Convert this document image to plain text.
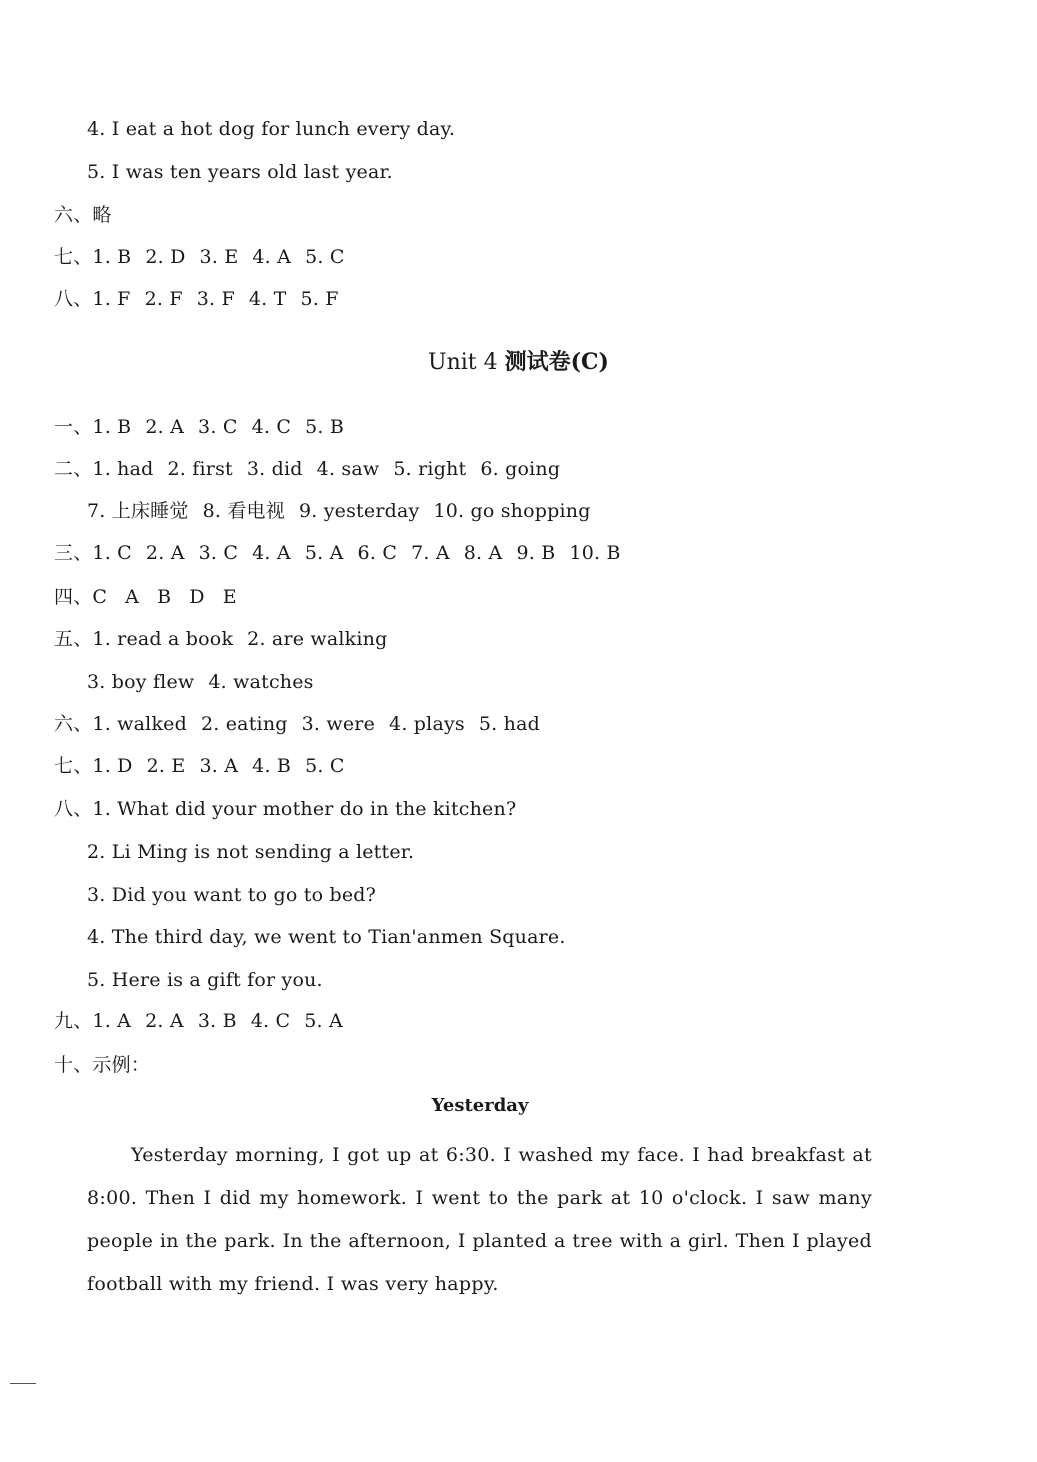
4. I eat a hot dog for lunch every day.
5. I was ten years old last year.
六、略
七、1. B 2. D 3. E 4. A 5. C
八、1. F 2. F 3. F 4. T 5. F
Unit 4 测试卷(C)
一、1. B 2. A 3. C 4. C 5. B
二、1. had 2. first 3. did 4. saw 5. right 6. going
7. 上床睡觉 8. 看电视 9. yesterday 10. go shopping
三、1. C 2. A 3. C 4. A 5. A 6. C 7. A 8. A 9. B 10. B
四、C A B D E
五、1. read a book 2. are walking
3. boy flew 4. watches
六、1. walked 2. eating 3. were 4. plays 5. had
七、1. D 2. E 3. A 4. B 5. C
八、1. What did your mother do in the kitchen?
2. Li Ming is not sending a letter.
3. Did you want to go to bed?
4. The third day, we went to Tian'anmen Square.
5. Here is a gift for you.
九、1. A 2. A 3. B 4. C 5. A
十、示例：
Yesterday
Yesterday morning, I got up at 6:30. I washed my face. I had breakfast at 8:00. Then I did my homework. I went to the park at 10 o'clock. I saw many people in the park. In the afternoon, I planted a tree with a girl. Then I played football with my friend. I was very happy.
